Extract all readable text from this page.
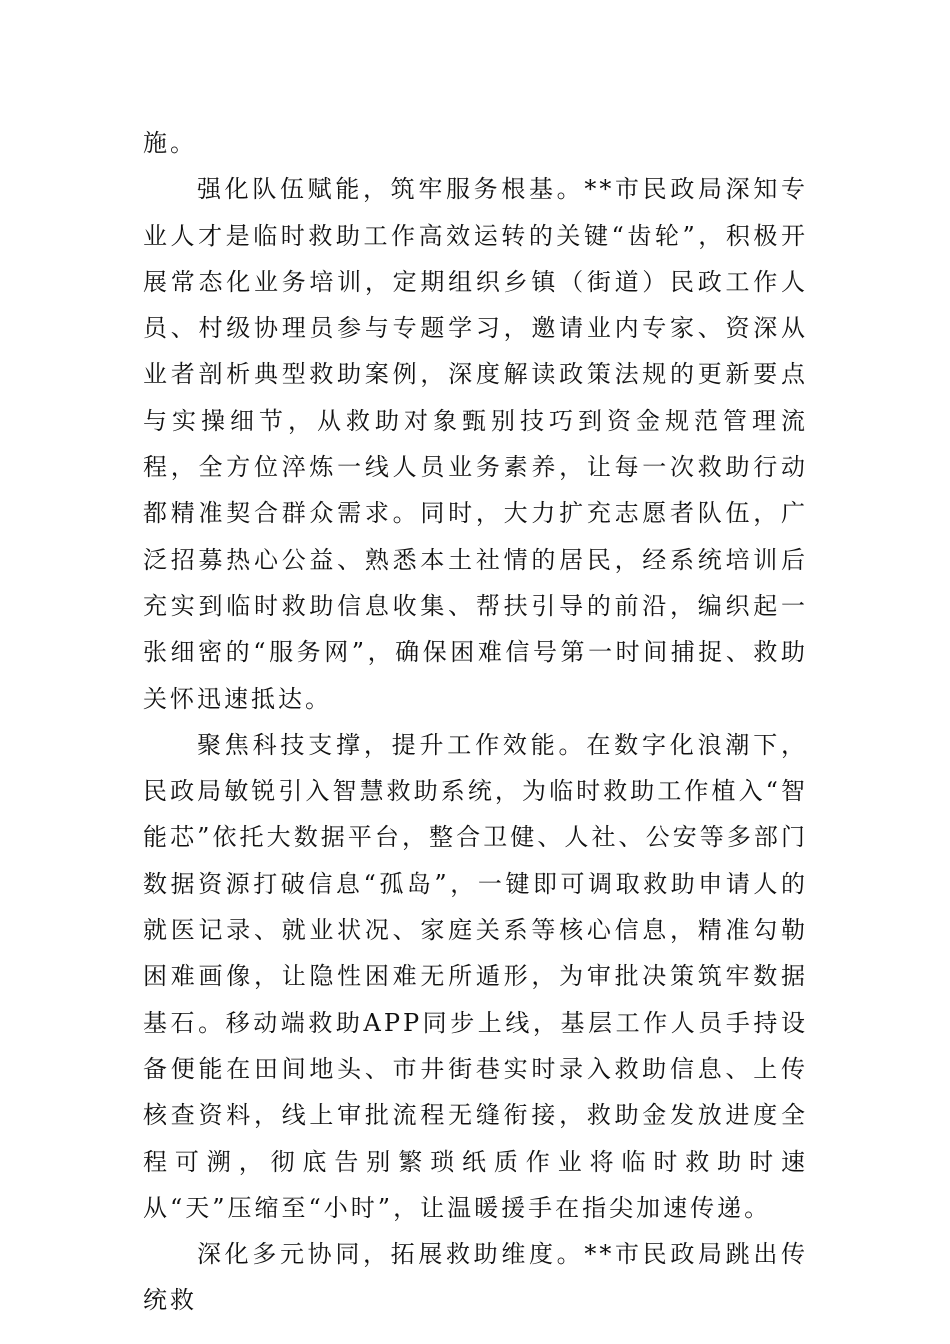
施。

强化队伍赋能，筑牢服务根基。**市民政局深知专业人才是临时救助工作高效运转的关键“齿轮”，积极开展常态化业务培训，定期组织乡镇（街道）民政工作人员、村级协理员参与专题学习，邀请业内专家、资深从业者剖析典型救助案例，深度解读政策法规的更新要点与实操细节，从救助对象甄别技巧到资金规范管理流程，全方位淬炼一线人员业务素养，让每一次救助行动都精准契合群众需求。同时，大力扩充志愿者队伍，广泛招募热心公益、熟悉本土社情的居民，经系统培训后充实到临时救助信息收集、帮扶引导的前沿，编织起一张细密的“服务网”，确保困难信号第一时间捕捉、救助关怀迅速抵达。

聚焦科技支撑，提升工作效能。在数字化浪潮下，民政局敏锐引入智慧救助系统，为临时救助工作植入“智能芯”依托大数据平台，整合卫健、人社、公安等多部门数据资源打破信息“孤岛”，一键即可调取救助申请人的就医记录、就业状况、家庭关系等核心信息，精准勾勒困难画像，让隐性困难无所遁形，为审批决策筑牢数据基石。移动端救助APP同步上线，基层工作人员手持设备便能在田间地头、市井街巷实时录入救助信息、上传核查资料，线上审批流程无缝衔接，救助金发放进度全程可溯，彻底告别繁琐纸质作业将临时救助时速从“天”压缩至“小时”，让温暖援手在指尖加速传递。

深化多元协同，拓展救助维度。**市民政局跳出传统救
